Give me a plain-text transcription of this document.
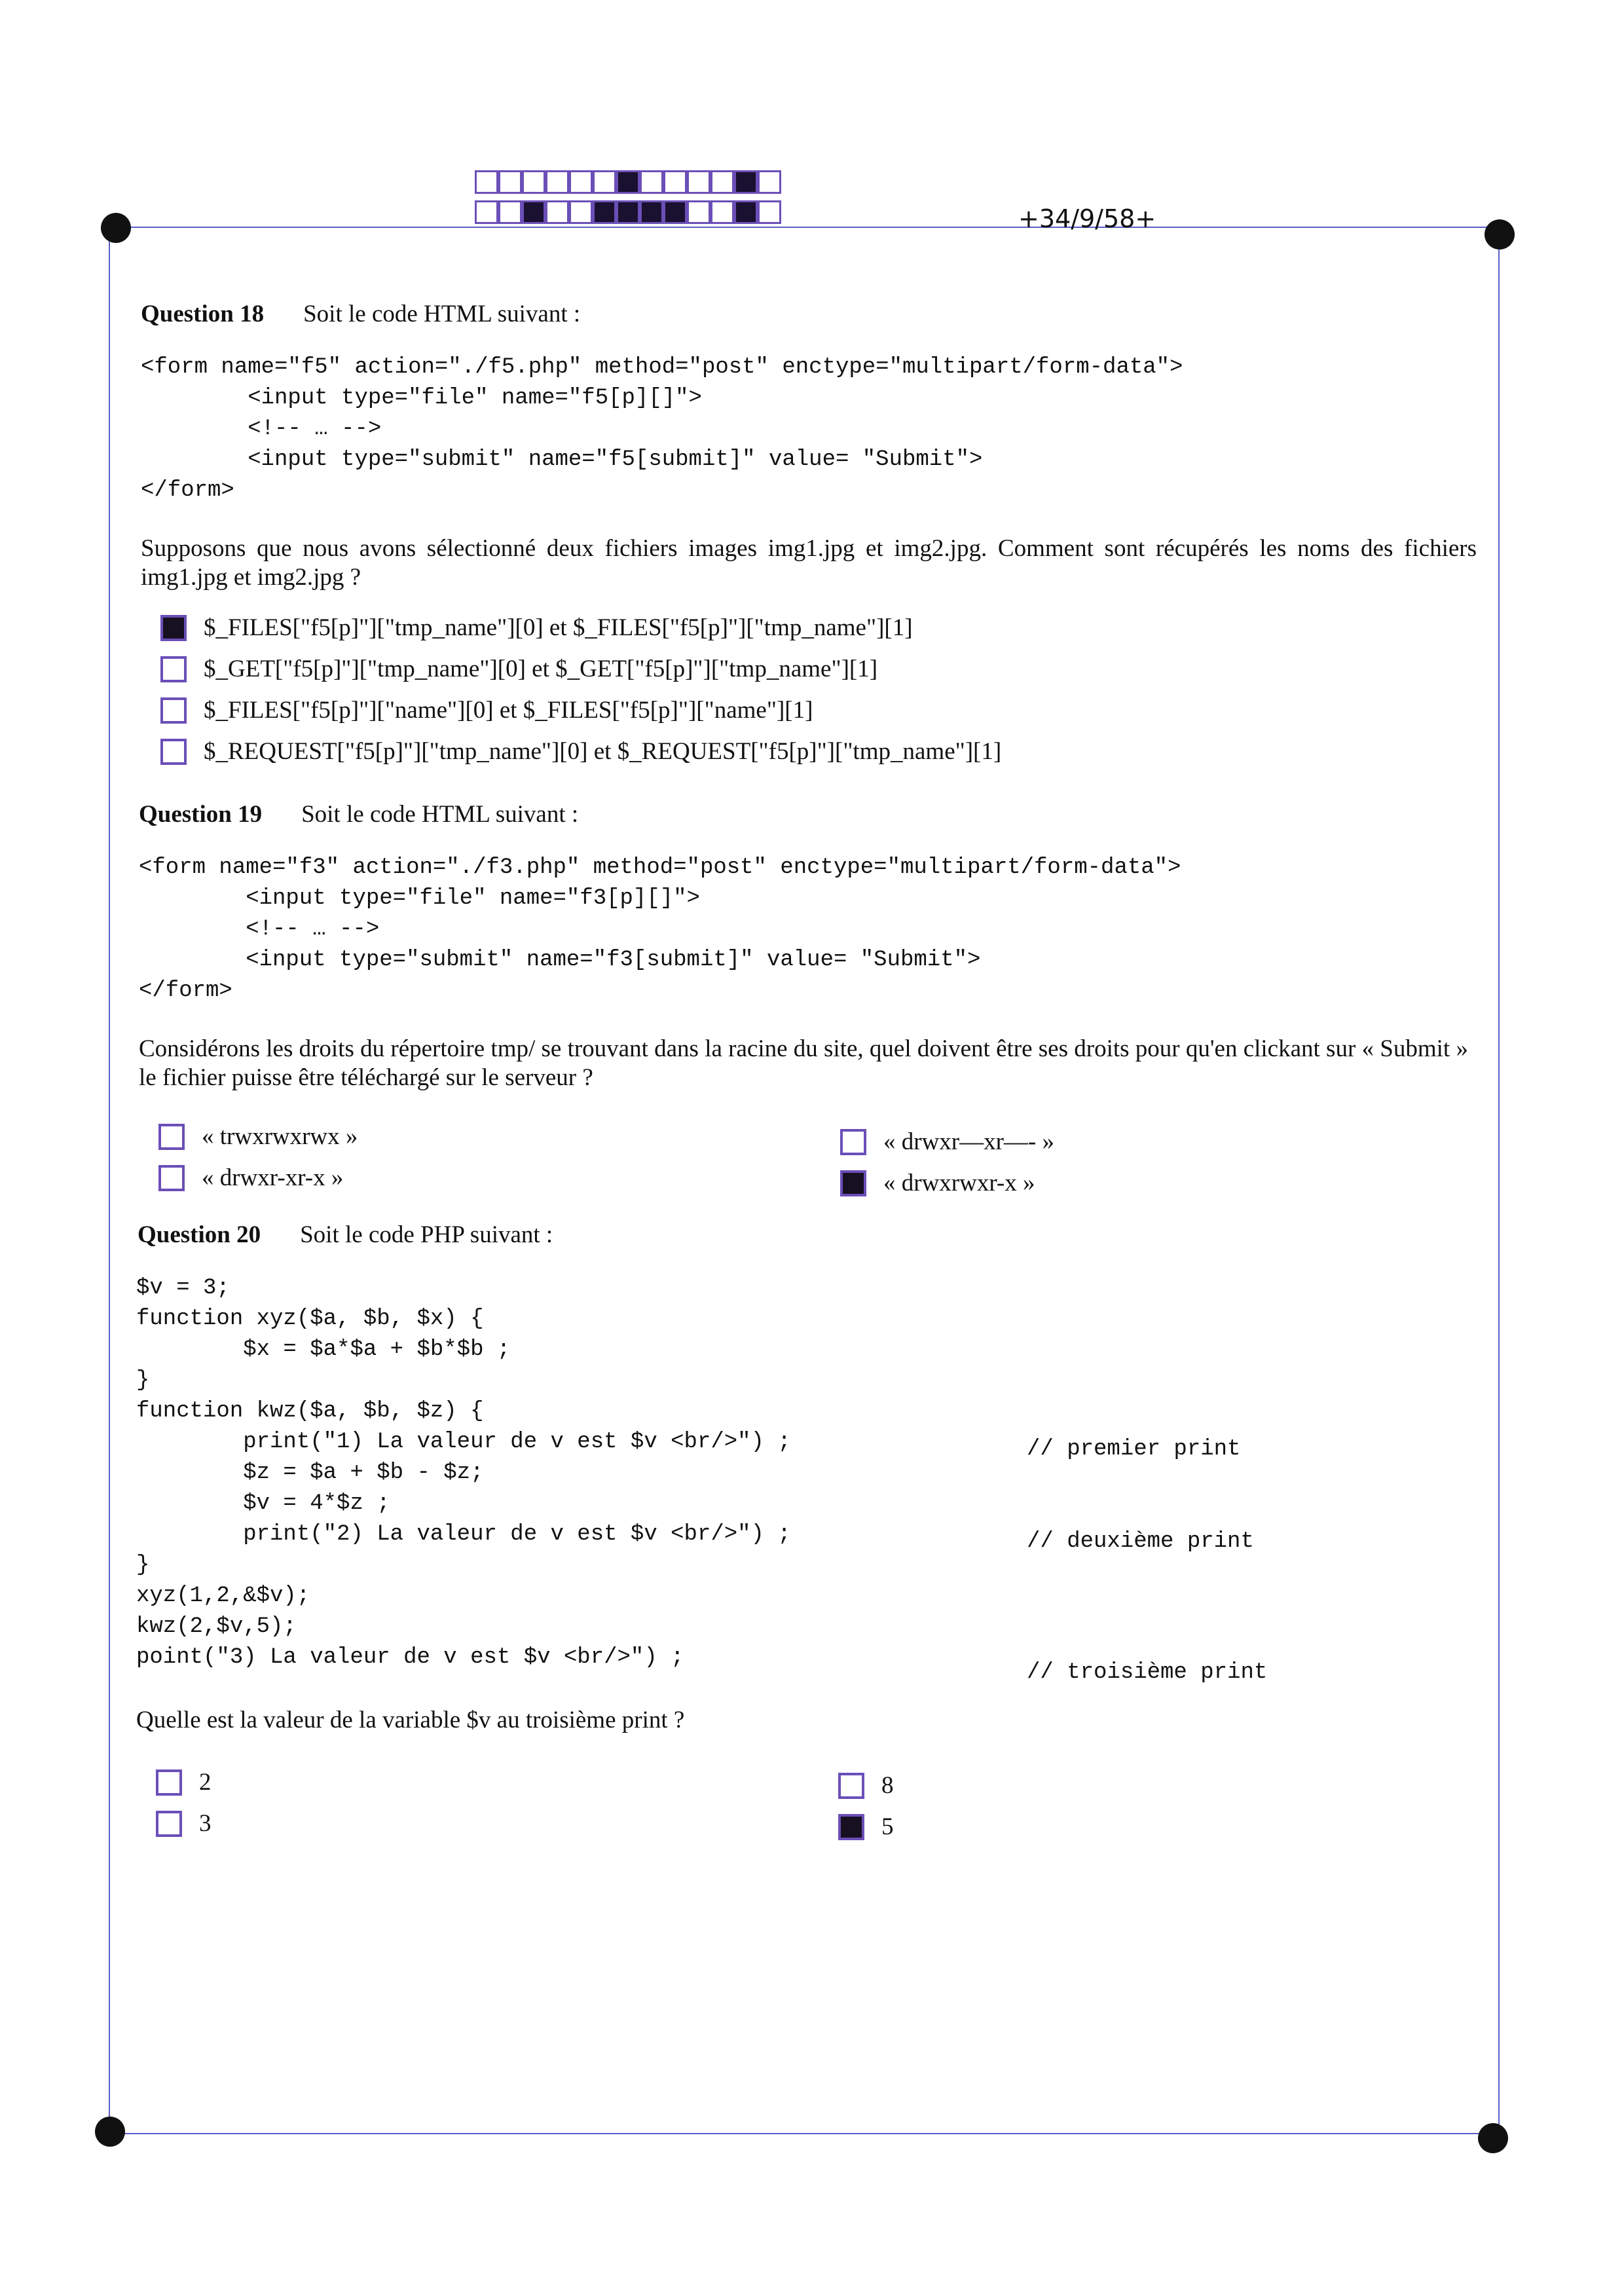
+34/9/58+
Question 18 Soit le code HTML suivant :
<form name="f5" action="./f5.php" method="post" enctype="multipart/form-data">
<input type="file" name="f5[p][]">
<!-- … -->
<input type="submit" name="f5[submit]" value= "Submit">
</form>
Supposons que nous avons sélectionné deux fichiers images img1.jpg et img2.jpg. Comment sont récupérés les noms des fichiers img1.jpg et img2.jpg ?
$_FILES["f5[p]"]["tmp_name"][0] et $_FILES["f5[p]"]["tmp_name"][1]
$_GET["f5[p]"]["tmp_name"][0] et $_GET["f5[p]"]["tmp_name"][1]
$_FILES["f5[p]"]["name"][0] et $_FILES["f5[p]"]["name"][1]
$_REQUEST["f5[p]"]["tmp_name"][0] et $_REQUEST["f5[p]"]["tmp_name"][1]
Question 19 Soit le code HTML suivant :
<form name="f3" action="./f3.php" method="post" enctype="multipart/form-data">
<input type="file" name="f3[p][]">
<!-- … -->
<input type="submit" name="f3[submit]" value= "Submit">
</form>
Considérons les droits du répertoire tmp/ se trouvant dans la racine du site, quel doivent être ses droits pour qu'en clickant sur « Submit » le fichier puisse être téléchargé sur le serveur ?
« trwxrwxrwx »
« drwxr-xr-x »
« drwxr—xr—- »
« drwxrwxr-x »
Question 20 Soit le code PHP suivant :
$v = 3;
function xyz($a, $b, $x) {
$x = $a*$a + $b*$b ;
}
function kwz($a, $b, $z) {
print("1) La valeur de v est $v <br/>") ;
$z = $a + $b - $z;
$v = 4*$z ;
print("2) La valeur de v est $v <br/>") ;
}
xyz(1,2,&$v);
kwz(2,$v,5);
point("3) La valeur de v est $v <br/>") ;
// premier print
// deuxième print
// troisième print
Quelle est la valeur de la variable $v au troisième print ?
2
3
8
5
